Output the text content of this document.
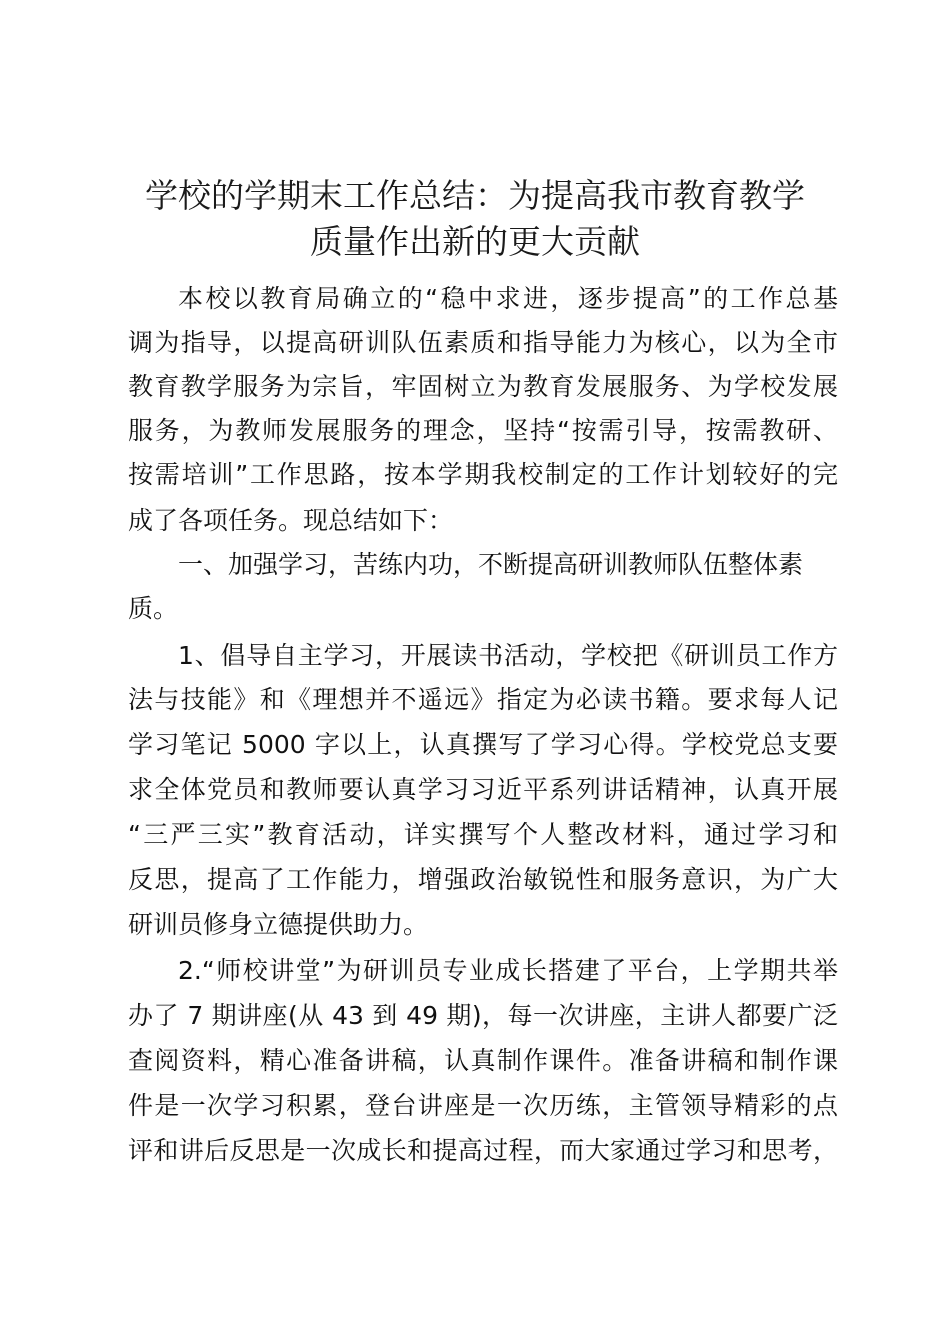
学校的学期末工作总结：为提高我市教育教学
质量作出新的更大贡献
本校以教育局确立的“稳中求进，逐步提高”的工作总基
调为指导，以提高研训队伍素质和指导能力为核心，以为全市
教育教学服务为宗旨，牢固树立为教育发展服务、为学校发展
服务，为教师发展服务的理念，坚持“按需引导，按需教研、
按需培训”工作思路，按本学期我校制定的工作计划较好的完
成了各项任务。现总结如下：
一、加强学习，苦练内功，不断提高研训教师队伍整体素
质。
1、倡导自主学习，开展读书活动，学校把《研训员工作方
法与技能》和《理想并不遥远》指定为必读书籍。要求每人记
学习笔记 5000 字以上，认真撰写了学习心得。学校党总支要
求全体党员和教师要认真学习习近平系列讲话精神，认真开展
“三严三实”教育活动，详实撰写个人整改材料，通过学习和
反思，提高了工作能力，增强政治敏锐性和服务意识，为广大
研训员修身立德提供助力。
2.“师校讲堂”为研训员专业成长搭建了平台，上学期共举
办了 7 期讲座(从 43 到 49 期)，每一次讲座，主讲人都要广泛
查阅资料，精心准备讲稿，认真制作课件。准备讲稿和制作课
件是一次学习积累，登台讲座是一次历练，主管领导精彩的点
评和讲后反思是一次成长和提高过程，而大家通过学习和思考，
